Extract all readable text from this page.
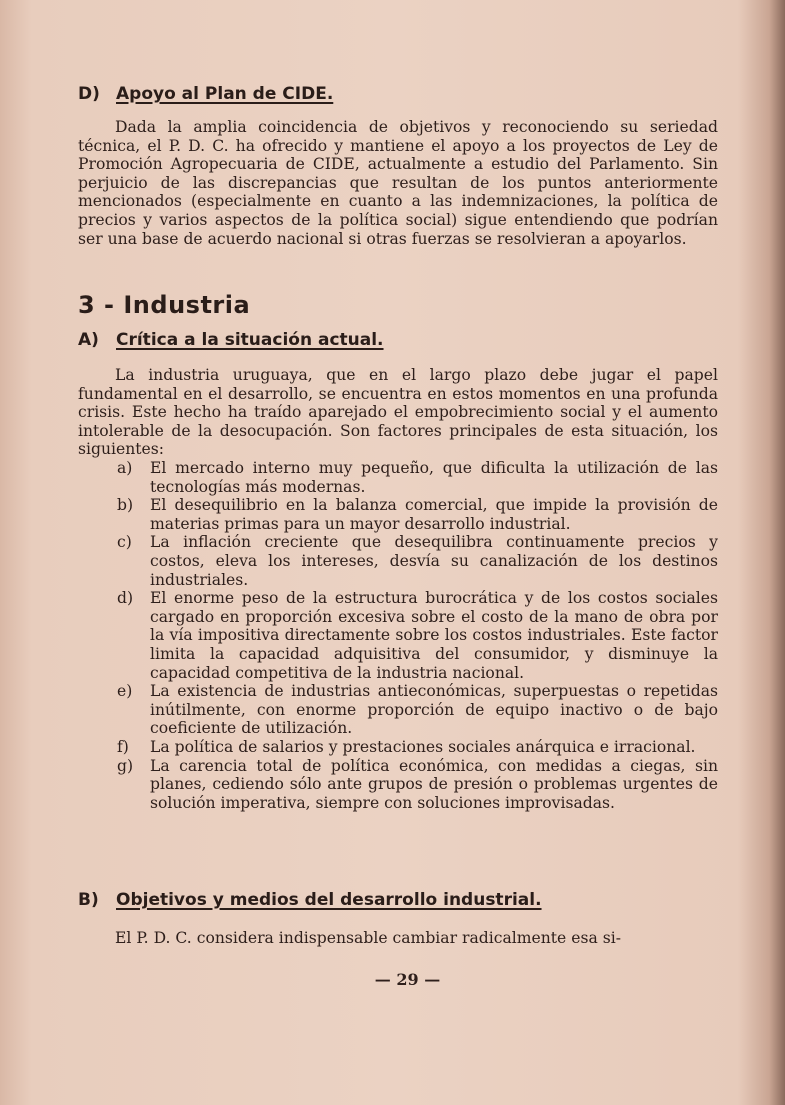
D) Apoyo al Plan de CIDE.

Dada la amplia coincidencia de objetivos y reconociendo su seriedad técnica, el P. D. C. ha ofrecido y mantiene el apoyo a los proyectos de Ley de Promoción Agropecuaria de CIDE, actualmente a estudio del Parlamento. Sin perjuicio de las discrepancias que resultan de los puntos anteriormente mencionados (especialmente en cuanto a las indemnizaciones, la política de precios y varios aspectos de la política social) sigue entendiendo que podrían ser una base de acuerdo nacional si otras fuerzas se resolvieran a apoyarlos.

3 - Industria
A) Crítica a la situación actual.

La industria uruguaya, que en el largo plazo debe jugar el papel fundamental en el desarrollo, se encuentra en estos momentos en una profunda crisis. Este hecho ha traído aparejado el empobrecimiento social y el aumento intolerable de la desocupación. Son factores principales de esta situación, los siguientes:

a)	El mercado interno muy pequeño, que dificulta la utilización de las tecnologías más modernas.
b)	El desequilibrio en la balanza comercial, que impide la provisión de materias primas para un mayor desarrollo industrial.
c)	La inflación creciente que desequilibra continuamente precios y costos, eleva los intereses, desvía su canalización de los destinos industriales.
d)	El enorme peso de la estructura burocrática y de los costos sociales cargado en proporción excesiva sobre el costo de la mano de obra por la vía impositiva directamente sobre los costos industriales. Este factor limita la capacidad adquisitiva del consumidor, y disminuye la capacidad competitiva de la industria nacional.
e)	La existencia de industrias antieconómicas, superpuestas o repetidas inútilmente, con enorme proporción de equipo inactivo o de bajo coeficiente de utilización.
f)	La política de salarios y prestaciones sociales anárquica e irracional.
g)	La carencia total de política económica, con medidas a ciegas, sin planes, cediendo sólo ante grupos de presión o problemas urgentes de solución imperativa, siempre con soluciones improvisadas.
B) Objetivos y medios del desarrollo industrial.

El P. D. C. considera indispensable cambiar radicalmente esa si-

— 29 —
